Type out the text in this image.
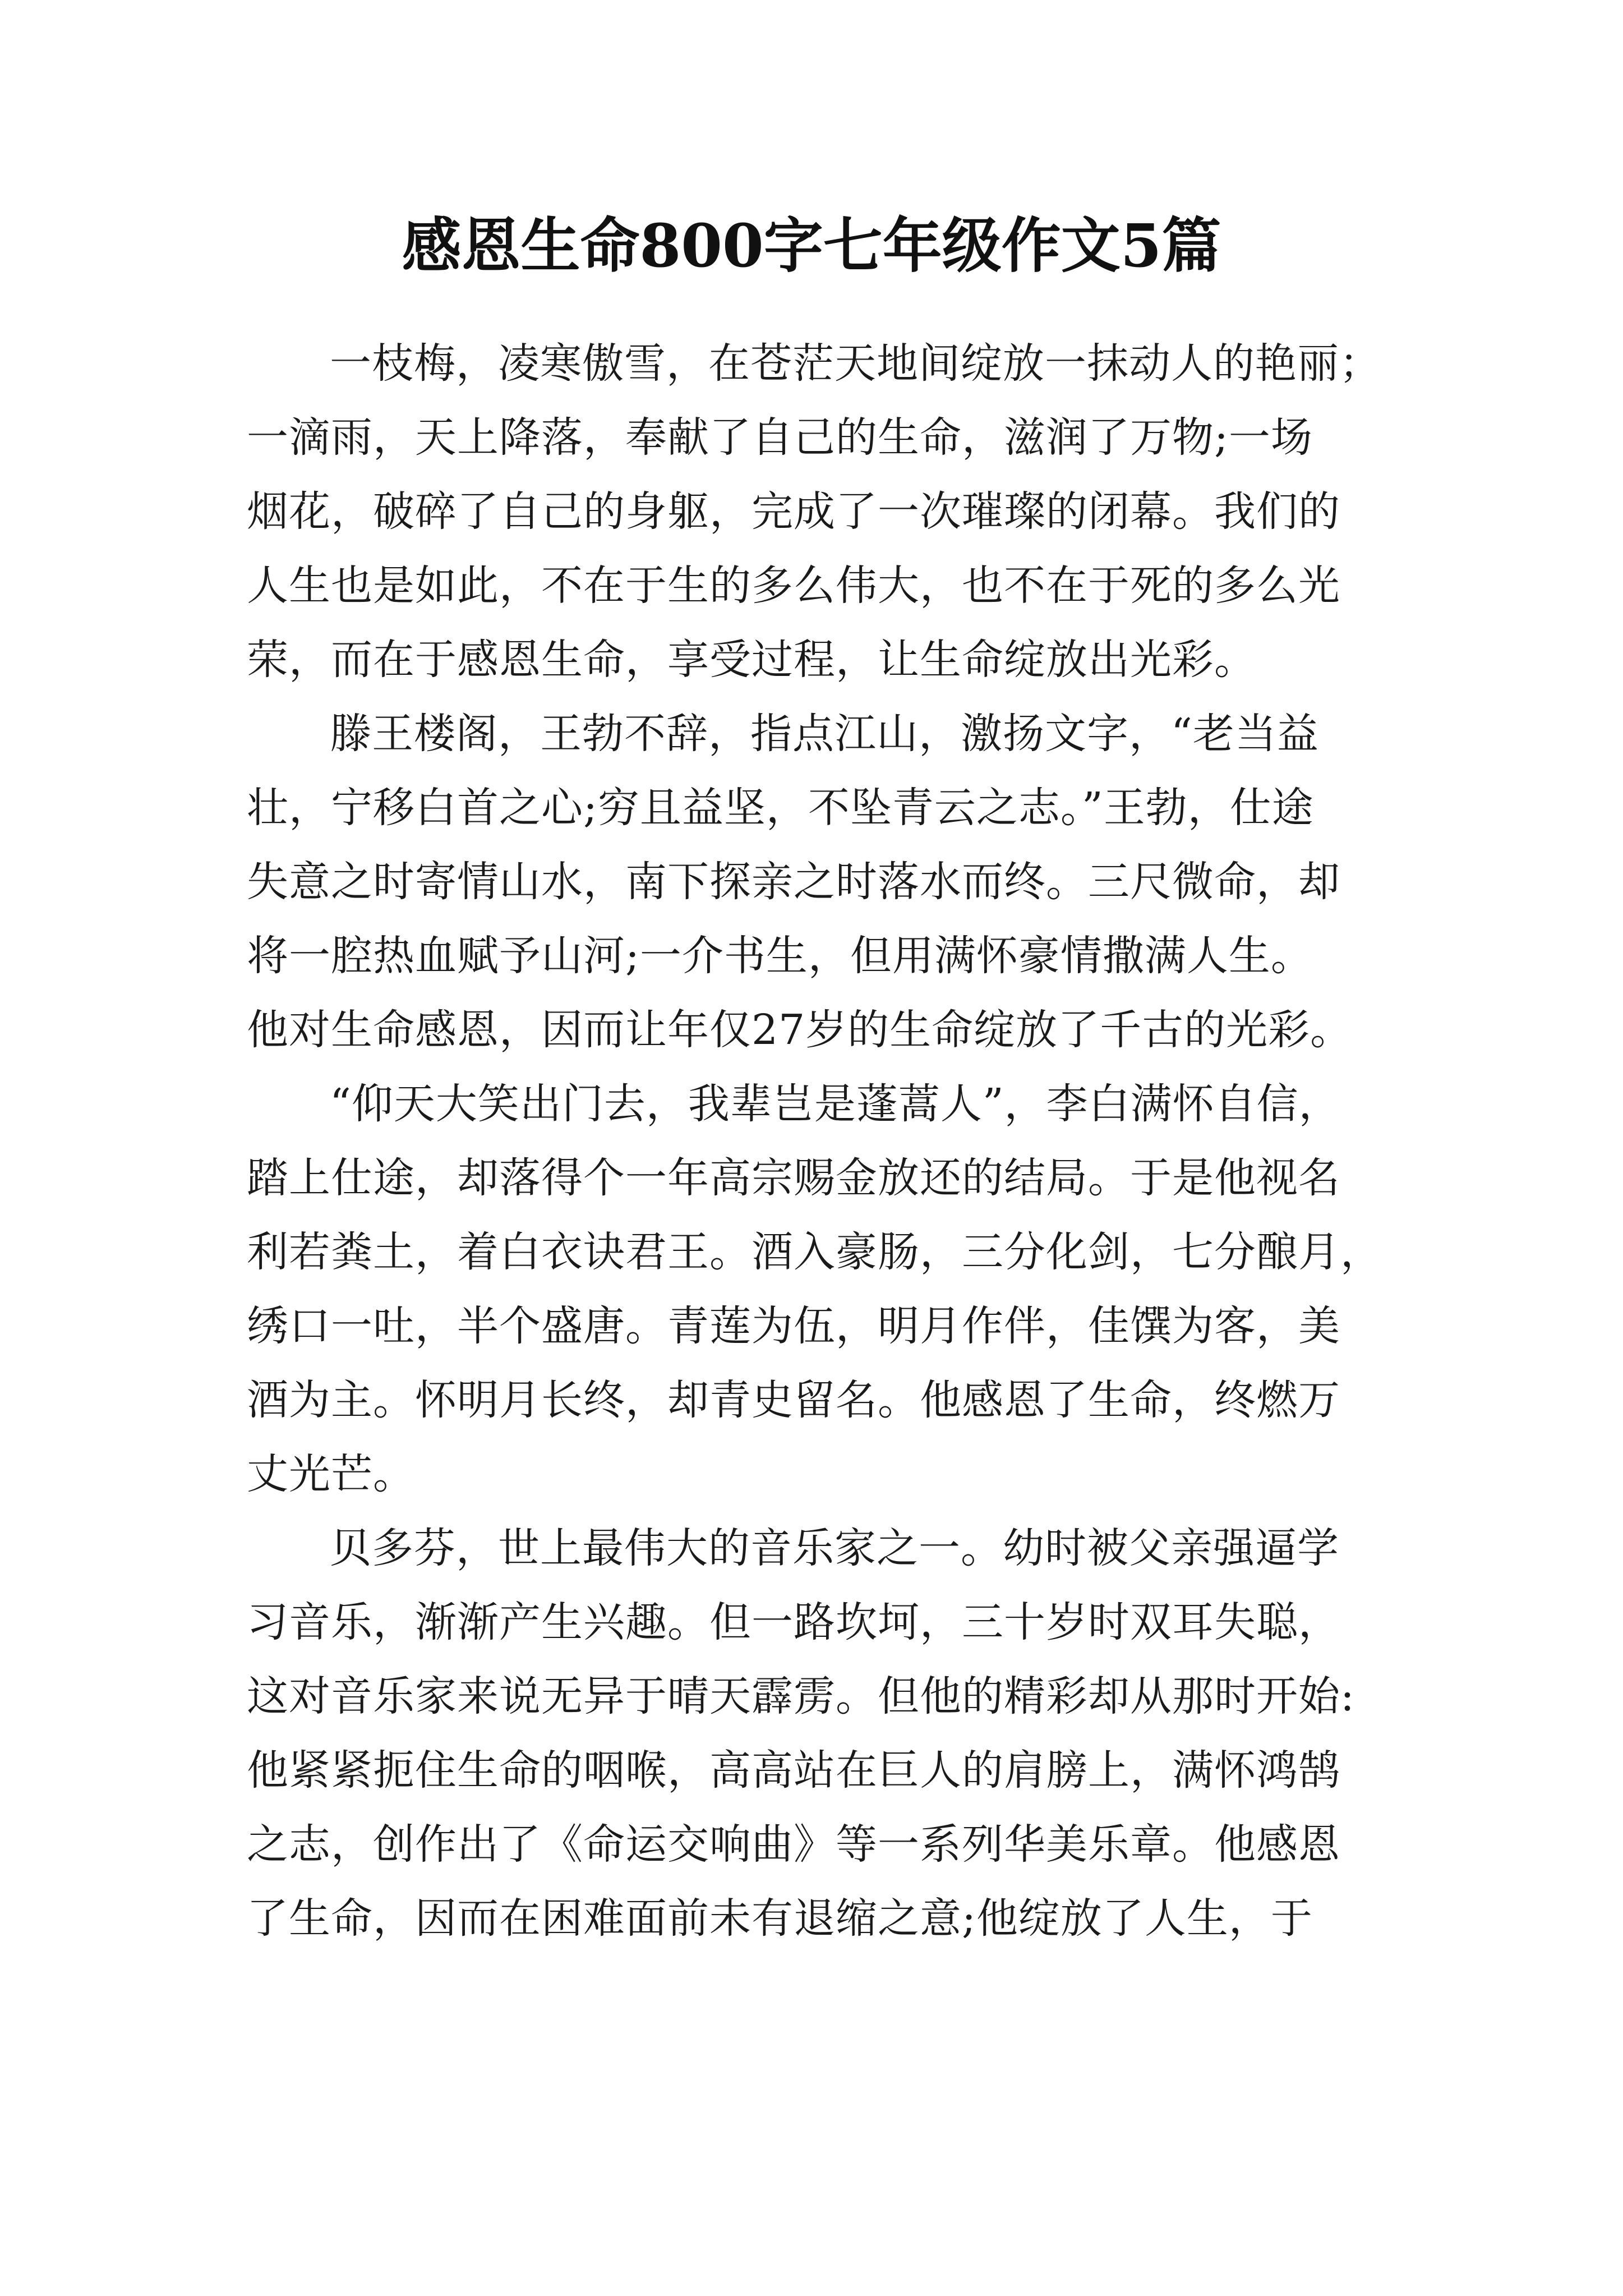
感恩生命800字七年级作文5篇
一枝梅，凌寒傲雪，在苍茫天地间绽放一抹动人的艳丽；
一滴雨，天上降落，奉献了自己的生命，滋润了万物;一场
烟花，破碎了自己的身躯，完成了一次璀璨的闭幕。我们的
人生也是如此，不在于生的多么伟大，也不在于死的多么光
荣，而在于感恩生命，享受过程，让生命绽放出光彩。
滕王楼阁，王勃不辞，指点江山，激扬文字，“老当益
壮，宁移白首之心;穷且益坚，不坠青云之志。”王勃，仕途
失意之时寄情山水，南下探亲之时落水而终。三尺微命，却
将一腔热血赋予山河;一介书生，但用满怀豪情撒满人生。
他对生命感恩，因而让年仅27岁的生命绽放了千古的光彩。
“仰天大笑出门去，我辈岂是蓬蒿人”，李白满怀自信，
踏上仕途，却落得个一年高宗赐金放还的结局。于是他视名
利若粪土，着白衣诀君王。酒入豪肠，三分化剑，七分酿月，
绣口一吐，半个盛唐。青莲为伍，明月作伴，佳馔为客，美
酒为主。怀明月长终，却青史留名。他感恩了生命，终燃万
丈光芒。
贝多芬，世上最伟大的音乐家之一。幼时被父亲强逼学
习音乐，渐渐产生兴趣。但一路坎坷，三十岁时双耳失聪，
这对音乐家来说无异于晴天霹雳。但他的精彩却从那时开始:
他紧紧扼住生命的咽喉，高高站在巨人的肩膀上，满怀鸿鹄
之志，创作出了《命运交响曲》等一系列华美乐章。他感恩
了生命，因而在困难面前未有退缩之意;他绽放了人生，于
